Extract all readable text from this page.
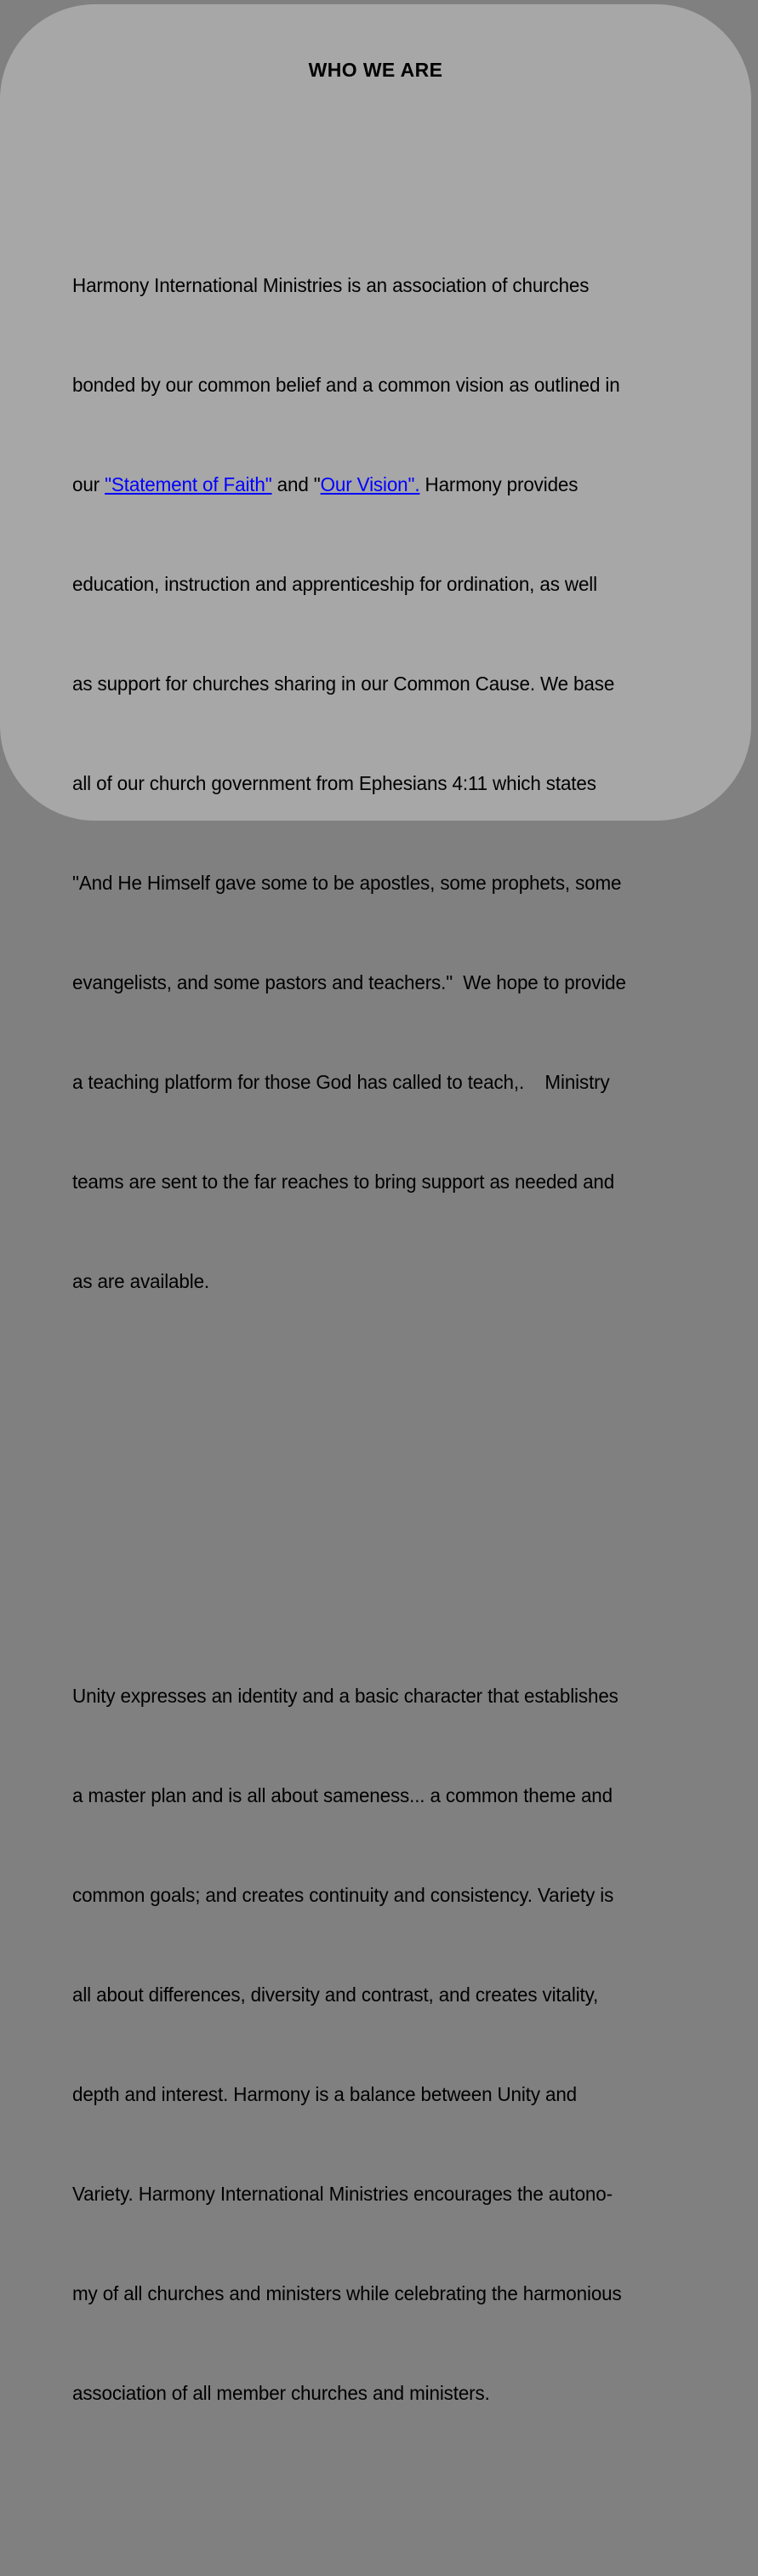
WHO WE ARE

Harmony International Ministries is an association of churches

bonded by our common belief and a common vision as outlined in

our "Statement of Faith" and "Our Vision". Harmony provides

education, instruction and apprenticeship for ordination, as well

as support for churches sharing in our Common Cause. We base

all of our church government from Ephesians 4:11 which states

"And He Himself gave some to be apostles, some prophets, some

evangelists, and some pastors and teachers."  We hope to provide

a teaching platform for those God has called to teach,.    Ministry

teams are sent to the far reaches to bring support as needed and

as are available.

Unity expresses an identity and a basic character that establishes

a master plan and is all about sameness... a common theme and

common goals; and creates continuity and consistency. Variety is

all about differences, diversity and contrast, and creates vitality,

depth and interest. Harmony is a balance between Unity and

Variety. Harmony International Ministries encourages the autono-

my of all churches and ministers while celebrating the harmonious

association of all member churches and ministers.
